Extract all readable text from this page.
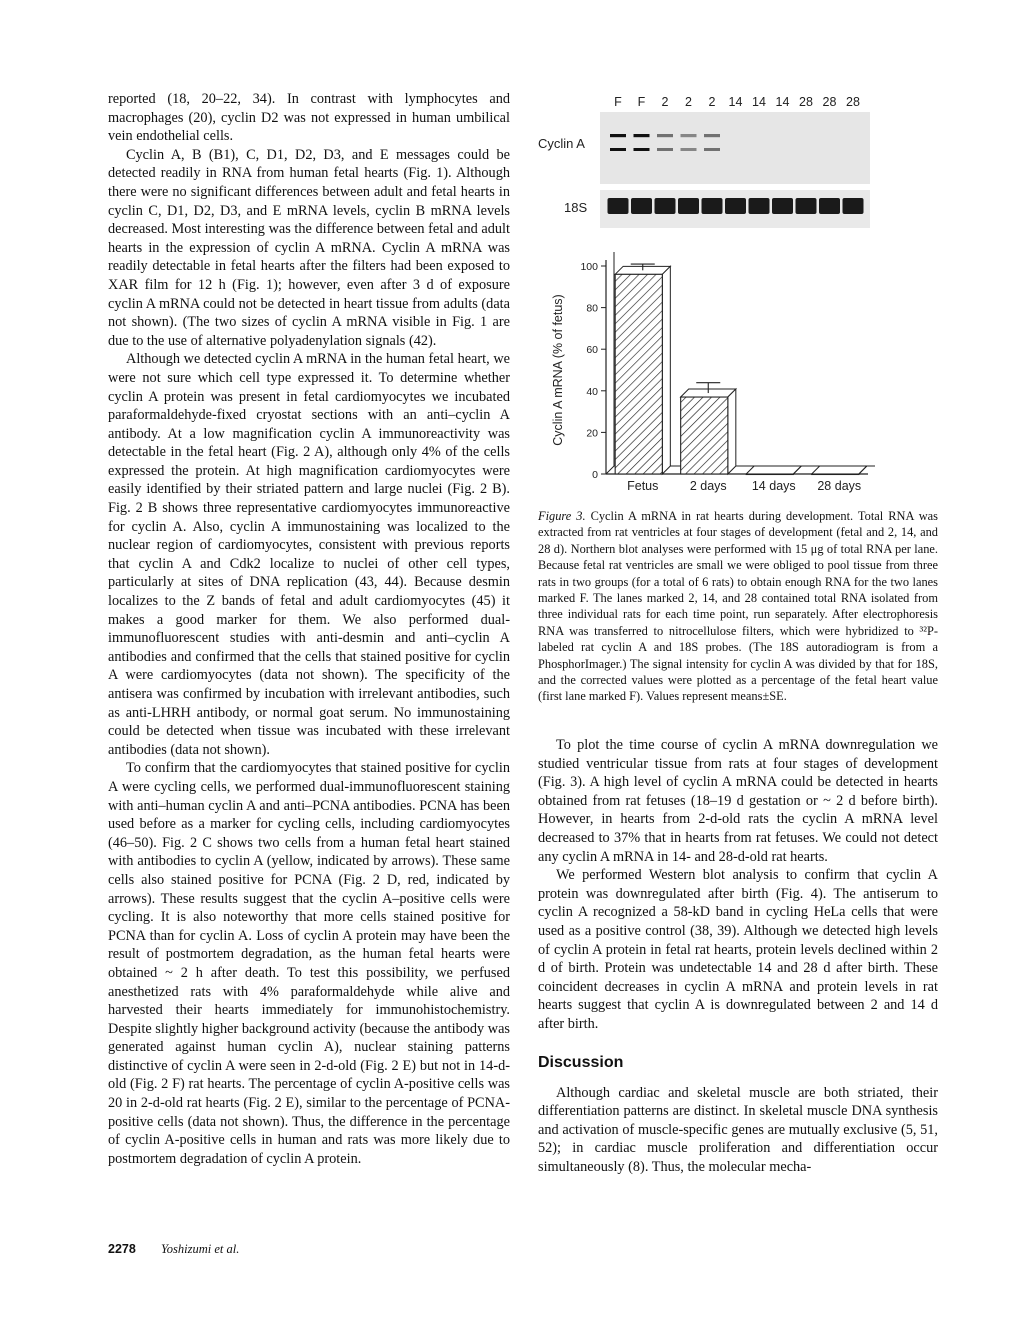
reported (18, 20–22, 34). In contrast with lymphocytes and macrophages (20), cyclin D2 was not expressed in human umbilical vein endothelial cells.

Cyclin A, B (B1), C, D1, D2, D3, and E messages could be detected readily in RNA from human fetal hearts (Fig. 1). Although there were no significant differences between adult and fetal hearts in cyclin C, D1, D2, D3, and E mRNA levels, cyclin B mRNA levels decreased. Most interesting was the difference between fetal and adult hearts in the expression of cyclin A mRNA. Cyclin A mRNA was readily detectable in fetal hearts after the filters had been exposed to XAR film for 12 h (Fig. 1); however, even after 3 d of exposure cyclin A mRNA could not be detected in heart tissue from adults (data not shown). (The two sizes of cyclin A mRNA visible in Fig. 1 are due to the use of alternative polyadenylation signals (42).

Although we detected cyclin A mRNA in the human fetal heart, we were not sure which cell type expressed it. To determine whether cyclin A protein was present in fetal cardiomyocytes we incubated paraformaldehyde-fixed cryostat sections with an anti–cyclin A antibody. At a low magnification cyclin A immunoreactivity was detectable in the fetal heart (Fig. 2 A), although only 4% of the cells expressed the protein. At high magnification cardiomyocytes were easily identified by their striated pattern and large nuclei (Fig. 2 B). Fig. 2 B shows three representative cardiomyocytes immunoreactive for cyclin A. Also, cyclin A immunostaining was localized to the nuclear region of cardiomyocytes, consistent with previous reports that cyclin A and Cdk2 localize to nuclei of other cell types, particularly at sites of DNA replication (43, 44). Because desmin localizes to the Z bands of fetal and adult cardiomyocytes (45) it makes a good marker for them. We also performed dual-immunofluorescent studies with anti-desmin and anti–cyclin A antibodies and confirmed that the cells that stained positive for cyclin A were cardiomyocytes (data not shown). The specificity of the antisera was confirmed by incubation with irrelevant antibodies, such as anti-LHRH antibody, or normal goat serum. No immunostaining could be detected when tissue was incubated with these irrelevant antibodies (data not shown).

To confirm that the cardiomyocytes that stained positive for cyclin A were cycling cells, we performed dual-immunofluorescent staining with anti–human cyclin A and anti–PCNA antibodies. PCNA has been used before as a marker for cycling cells, including cardiomyocytes (46–50). Fig. 2 C shows two cells from a human fetal heart stained with antibodies to cyclin A (yellow, indicated by arrows). These same cells also stained positive for PCNA (Fig. 2 D, red, indicated by arrows). These results suggest that the cyclin A–positive cells were cycling. It is also noteworthy that more cells stained positive for PCNA than for cyclin A. Loss of cyclin A protein may have been the result of postmortem degradation, as the human fetal hearts were obtained ~ 2 h after death. To test this possibility, we perfused anesthetized rats with 4% paraformaldehyde while alive and harvested their hearts immediately for immunohistochemistry. Despite slightly higher background activity (because the antibody was generated against human cyclin A), nuclear staining patterns distinctive of cyclin A were seen in 2-d-old (Fig. 2 E) but not in 14-d-old (Fig. 2 F) rat hearts. The percentage of cyclin A-positive cells was 20 in 2-d-old rat hearts (Fig. 2 E), similar to the percentage of PCNA-positive cells (data not shown). Thus, the difference in the percentage of cyclin A-positive cells in human and rats was more likely due to postmortem degradation of cyclin A protein.

F F 2 2 2 14 14 14 28 28 28
Cyclin A
18S
0
20
40
60
80
100
Cyclin A mRNA (% of fetus)
Fetus	2 days 14 days 28 days

Figure 3. Cyclin A mRNA in rat hearts during development. Total RNA was extracted from rat ventricles at four stages of development (fetal and 2, 14, and 28 d). Northern blot analyses were performed with 15 μg of total RNA per lane. Because fetal rat ventricles are small we were obliged to pool tissue from three rats in two groups (for a total of 6 rats) to obtain enough RNA for the two lanes marked F. The lanes marked 2, 14, and 28 contained total RNA isolated from three individual rats for each time point, run separately. After electrophoresis RNA was transferred to nitrocellulose filters, which were hybridized to ³²P-labeled rat cyclin A and 18S probes. (The 18S autoradiogram is from a PhosphorImager.) The signal intensity for cyclin A was divided by that for 18S, and the corrected values were plotted as a percentage of the fetal heart value (first lane marked F). Values represent means±SE.

To plot the time course of cyclin A mRNA downregulation we studied ventricular tissue from rats at four stages of development (Fig. 3). A high level of cyclin A mRNA could be detected in hearts obtained from rat fetuses (18–19 d gestation or ~ 2 d before birth). However, in hearts from 2-d-old rats the cyclin A mRNA level decreased to 37% that in hearts from rat fetuses. We could not detect any cyclin A mRNA in 14- and 28-d-old rat hearts.

We performed Western blot analysis to confirm that cyclin A protein was downregulated after birth (Fig. 4). The antiserum to cyclin A recognized a 58-kD band in cycling HeLa cells that were used as a positive control (38, 39). Although we detected high levels of cyclin A protein in fetal rat hearts, protein levels declined within 2 d of birth. Protein was undetectable 14 and 28 d after birth. These coincident decreases in cyclin A mRNA and protein levels in rat hearts suggest that cyclin A is downregulated between 2 and 14 d after birth.

Discussion

Although cardiac and skeletal muscle are both striated, their differentiation patterns are distinct. In skeletal muscle DNA synthesis and activation of muscle-specific genes are mutually exclusive (5, 51, 52); in cardiac muscle proliferation and differentiation occur simultaneously (8). Thus, the molecular mecha-

2278 Yoshizumi et al.
